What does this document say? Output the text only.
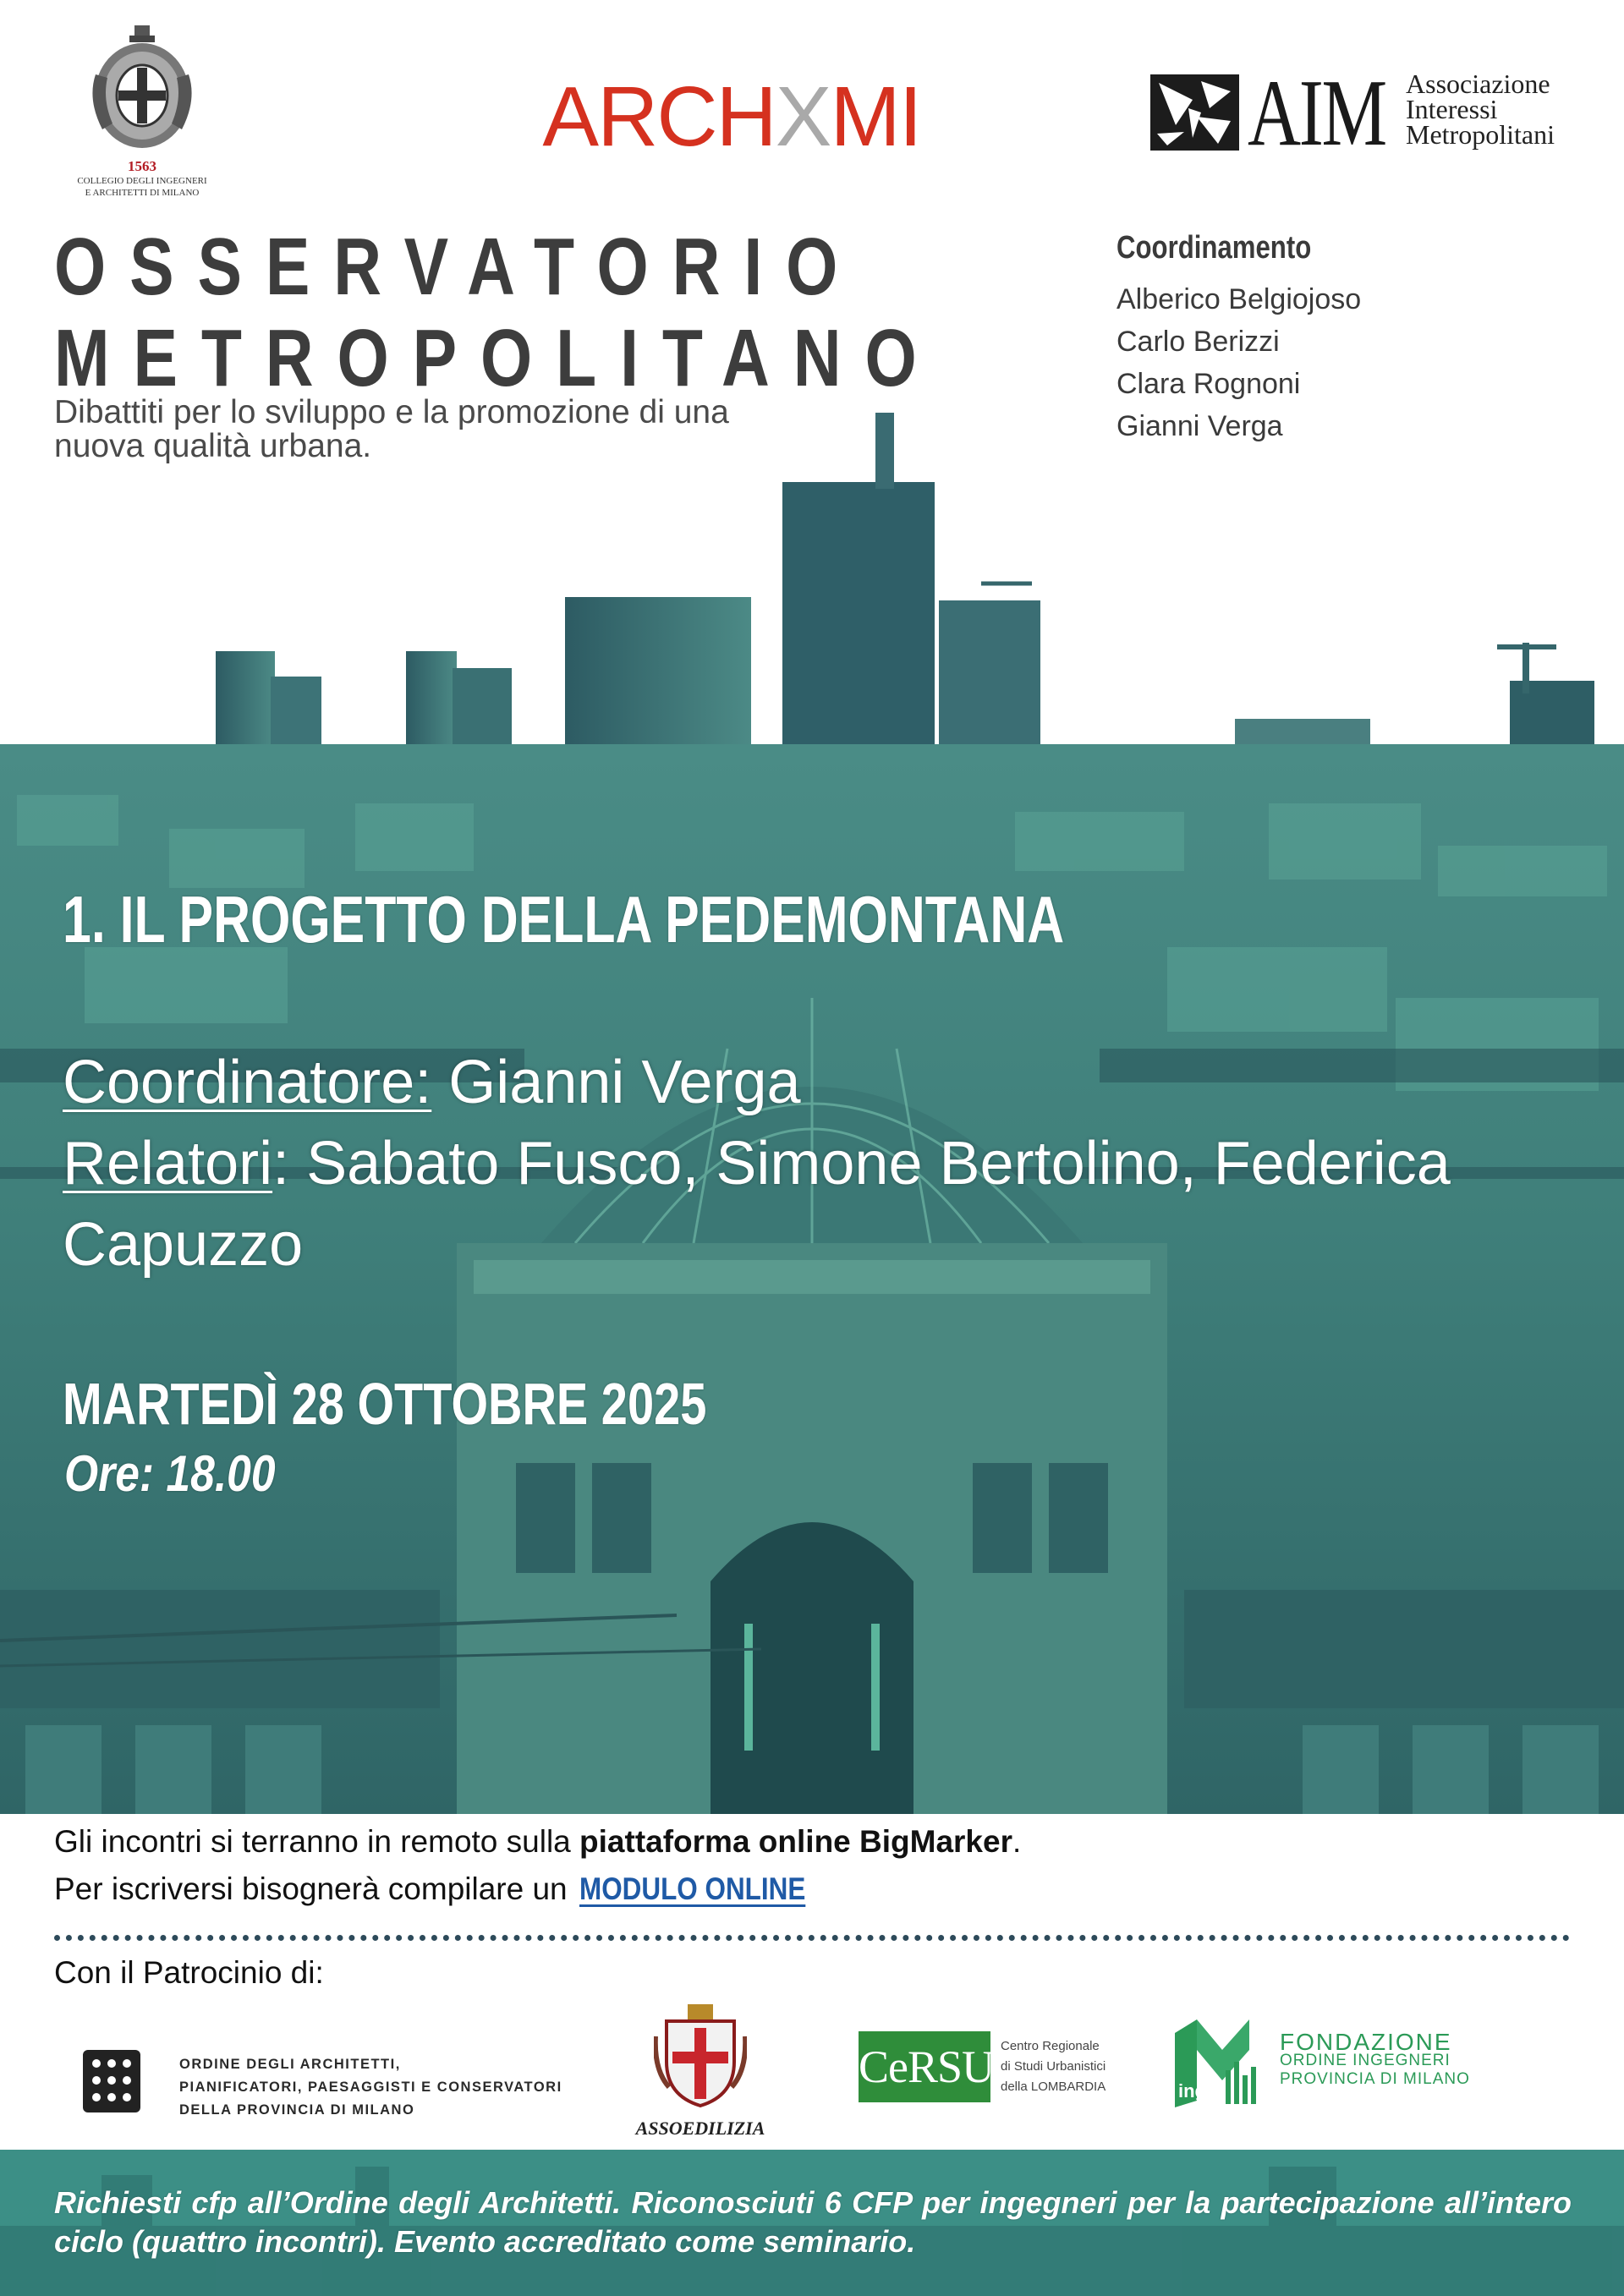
1563
COLLEGIO DEGLI INGEGNERI
E ARCHITETTI DI MILANO
ARCHXMI	AIM Associazione
Interessi
Metropolitani
OSSERVATORIO
METROPOLITANO
Dibattiti per lo sviluppo e la promozione di una nuova qualità urbana.
Coordinamento
Alberico Belgiojoso
Carlo Berizzi
Clara Rognoni
Gianni Verga
1. IL PROGETTO DELLA PEDEMONTANA
Coordinatore: Gianni Verga
Relatori: Sabato Fusco, Simone Bertolino, Federica Capuzzo
MARTEDÌ 28 OTTOBRE 2025
Ore: 18.00
Gli incontri si terranno in remoto sulla piattaforma online BigMarker.
Per iscriversi bisognerà compilare un MODULO ONLINE
Con il Patrocinio di:
ORDINE DEGLI ARCHITETTI,
PIANIFICATORI, PAESAGGISTI E CONSERVATORI
DELLA PROVINCIA DI MILANO
ASSOEDILIZIA
CeRSU Centro Regionale
di Studi Urbanistici
della LOMBARDIA	ing.
FONDAZIONE
ORDINE INGEGNERI
PROVINCIA DI MILANO
Richiesti cfp all’Ordine degli Architetti. Riconosciuti 6 CFP per ingegneri per la partecipazione all’intero ciclo (quattro incontri). Evento accreditato come seminario.
